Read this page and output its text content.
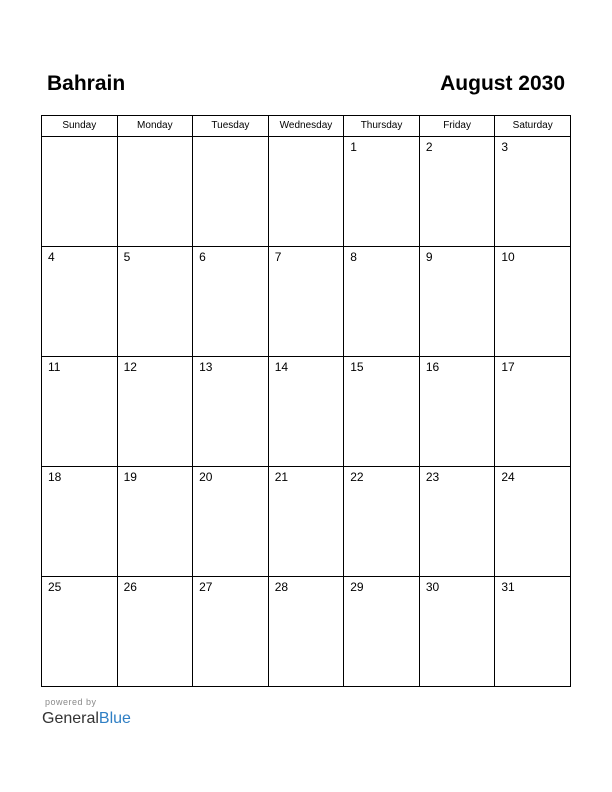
Bahrain	August 2030
Sunday	Monday	Tuesday	Wednesday	Thursday	Friday	Saturday

				1	2	3

4	5	6	7	8	9	10

11	12	13	14	15	16	17

18	19	20	21	22	23	24

25	26	27	28	29	30	31
powered by
GeneralBlue
